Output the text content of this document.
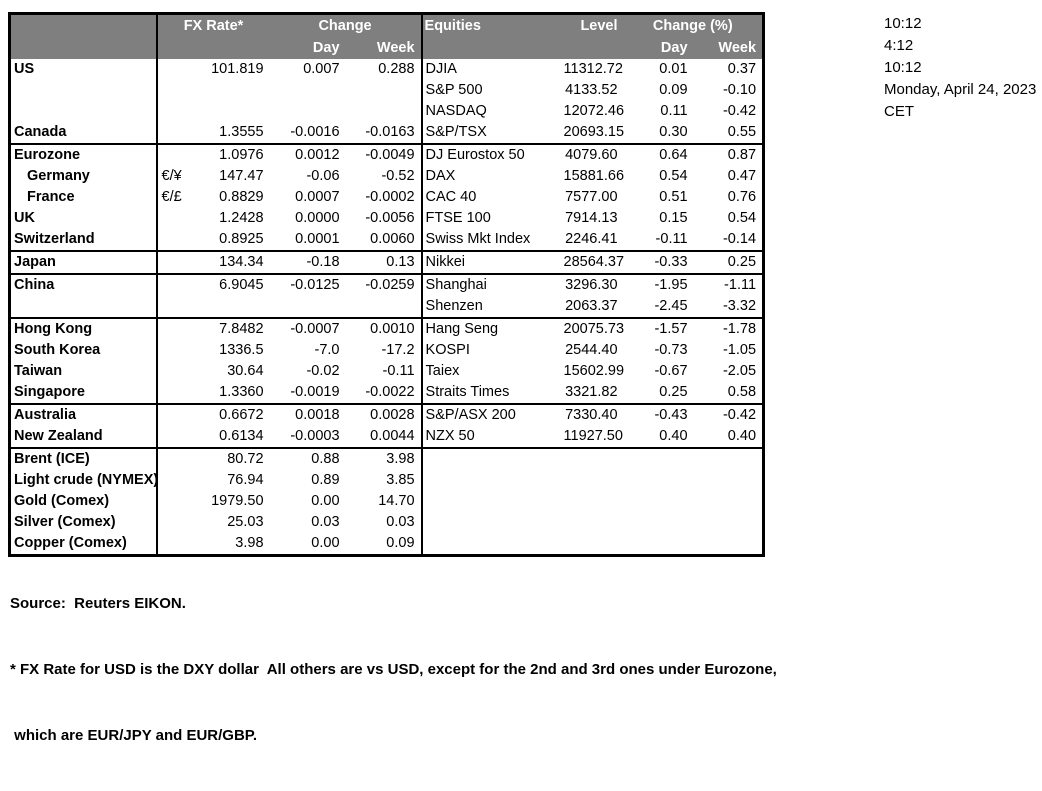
	FX Rate*		Change		Equities	Level	Change (%)	
			Day	Week			Day	Week
US		101.819	0.007	0.288	DJIA	11312.72	0.01	0.37
					S&P 500	4133.52	0.09	-0.10
					NASDAQ	12072.46	0.11	-0.42
Canada		1.3555	-0.0016	-0.0163	S&P/TSX	20693.15	0.30	0.55
Eurozone		1.0976	0.0012	-0.0049	DJ Eurostox 50	4079.60	0.64	0.87
Germany	€/¥	147.47	-0.06	-0.52	DAX	15881.66	0.54	0.47
France	€/£	0.8829	0.0007	-0.0002	CAC 40	7577.00	0.51	0.76
UK		1.2428	0.0000	-0.0056	FTSE 100	7914.13	0.15	0.54
Switzerland		0.8925	0.0001	0.0060	Swiss Mkt Index	2246.41	-0.11	-0.14
Japan		134.34	-0.18	0.13	Nikkei	28564.37	-0.33	0.25
China		6.9045	-0.0125	-0.0259	Shanghai	3296.30	-1.95	-1.11
					Shenzen	2063.37	-2.45	-3.32
Hong Kong		7.8482	-0.0007	0.0010	Hang Seng	20075.73	-1.57	-1.78
South Korea		1336.5	-7.0	-17.2	KOSPI	2544.40	-0.73	-1.05
Taiwan		30.64	-0.02	-0.11	Taiex	15602.99	-0.67	-2.05
Singapore		1.3360	-0.0019	-0.0022	Straits Times	3321.82	0.25	0.58
Australia		0.6672	0.0018	0.0028	S&P/ASX 200	7330.40	-0.43	-0.42
New Zealand		0.6134	-0.0003	0.0044	NZX 50	11927.50	0.40	0.40
Brent (ICE)		80.72	0.88	3.98				
Light crude (NYMEX)		76.94	0.89	3.85				
Gold (Comex)		1979.50	0.00	14.70				
Silver (Comex)		25.03	0.03	0.03				
Copper (Comex)		3.98	0.00	0.09				
10:12
4:12
10:12
Monday, April 24, 2023
CET

Source:  Reuters EIKON.

* FX Rate for USD is the DXY dollar  All others are vs USD, except for the 2nd and 3rd ones under Eurozone,

which are EUR/JPY and EUR/GBP.
